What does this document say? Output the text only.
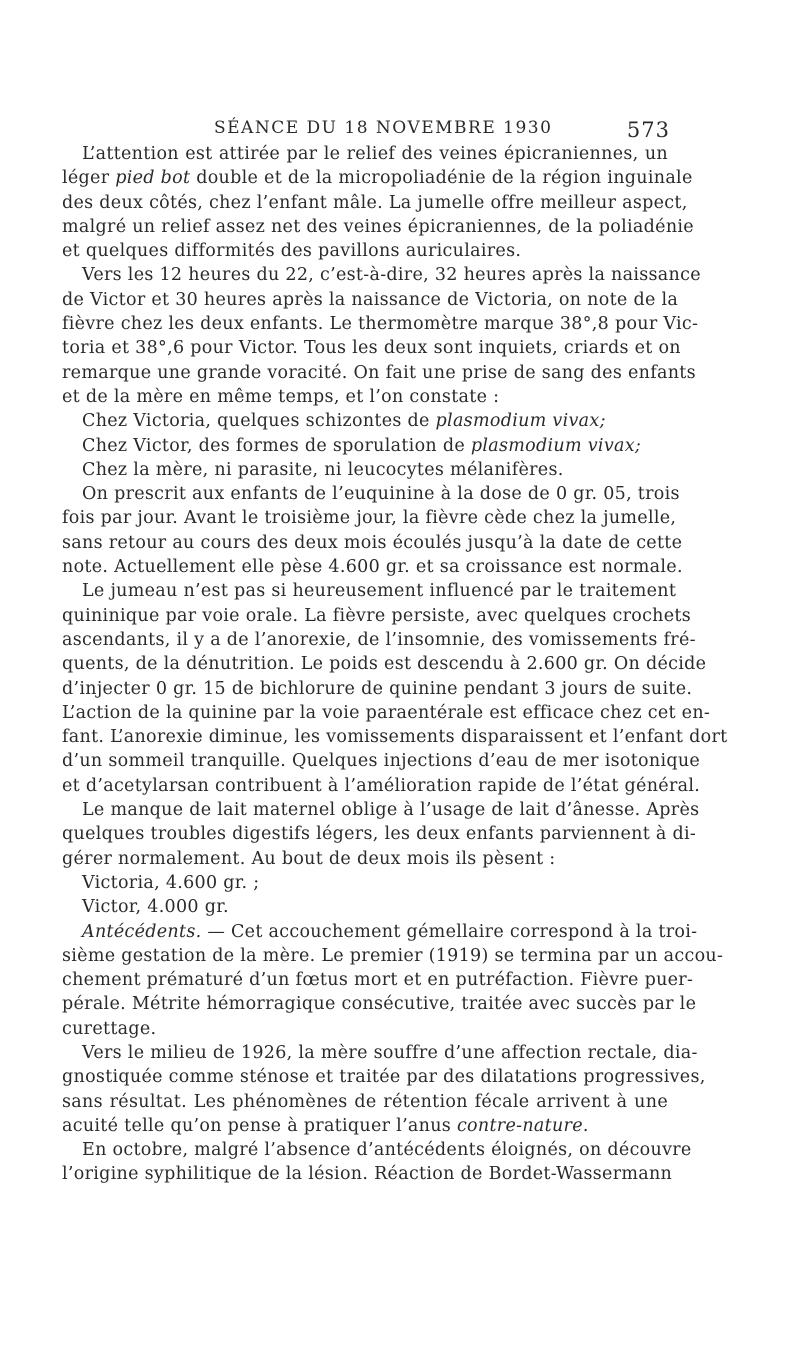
SÉANCE DU 18 NOVEMBRE 1930	573
L’attention est attirée par le relief des veines épicraniennes, un
léger pied bot double et de la micropoliadénie de la région inguinale
des deux côtés, chez l’enfant mâle. La jumelle offre meilleur aspect,
malgré un relief assez net des veines épicraniennes, de la poliadénie
et quelques difformités des pavillons auriculaires.
Vers les 12 heures du 22, c’est-à-dire, 32 heures après la naissance
de Victor et 30 heures après la naissance de Victoria, on note de la
fièvre chez les deux enfants. Le thermomètre marque 38°,8 pour Vic-
toria et 38°,6 pour Victor. Tous les deux sont inquiets, criards et on
remarque une grande voracité. On fait une prise de sang des enfants
et de la mère en même temps, et l’on constate :
Chez Victoria, quelques schizontes de plasmodium vivax;
Chez Victor, des formes de sporulation de plasmodium vivax;
Chez la mère, ni parasite, ni leucocytes mélanifères.
On prescrit aux enfants de l’euquinine à la dose de 0 gr. 05, trois
fois par jour. Avant le troisième jour, la fièvre cède chez la jumelle,
sans retour au cours des deux mois écoulés jusqu’à la date de cette
note. Actuellement elle pèse 4.600 gr. et sa croissance est normale.
Le jumeau n’est pas si heureusement influencé par le traitement
quininique par voie orale. La fièvre persiste, avec quelques crochets
ascendants, il y a de l’anorexie, de l’insomnie, des vomissements fré-
quents, de la dénutrition. Le poids est descendu à 2.600 gr. On décide
d’injecter 0 gr. 15 de bichlorure de quinine pendant 3 jours de suite.
L’action de la quinine par la voie paraentérale est efficace chez cet en-
fant. L’anorexie diminue, les vomissements disparaissent et l’enfant dort
d’un sommeil tranquille. Quelques injections d’eau de mer isotonique
et d’acetylarsan contribuent à l’amélioration rapide de l’état général.
Le manque de lait maternel oblige à l’usage de lait d’ânesse. Après
quelques troubles digestifs légers, les deux enfants parviennent à di-
gérer normalement. Au bout de deux mois ils pèsent :
Victoria, 4.600 gr. ;
Victor, 4.000 gr.
Antécédents. — Cet accouchement gémellaire correspond à la troi-
sième gestation de la mère. Le premier (1919) se termina par un accou-
chement prématuré d’un fœtus mort et en putréfaction. Fièvre puer-
pérale. Métrite hémorragique consécutive, traitée avec succès par le
curettage.
Vers le milieu de 1926, la mère souffre d’une affection rectale, dia-
gnostiquée comme sténose et traitée par des dilatations progressives,
sans résultat. Les phénomènes de rétention fécale arrivent à une
acuité telle qu’on pense à pratiquer l’anus contre-nature.
En octobre, malgré l’absence d’antécédents éloignés, on découvre
l’origine syphilitique de la lésion. Réaction de Bordet-Wassermann
